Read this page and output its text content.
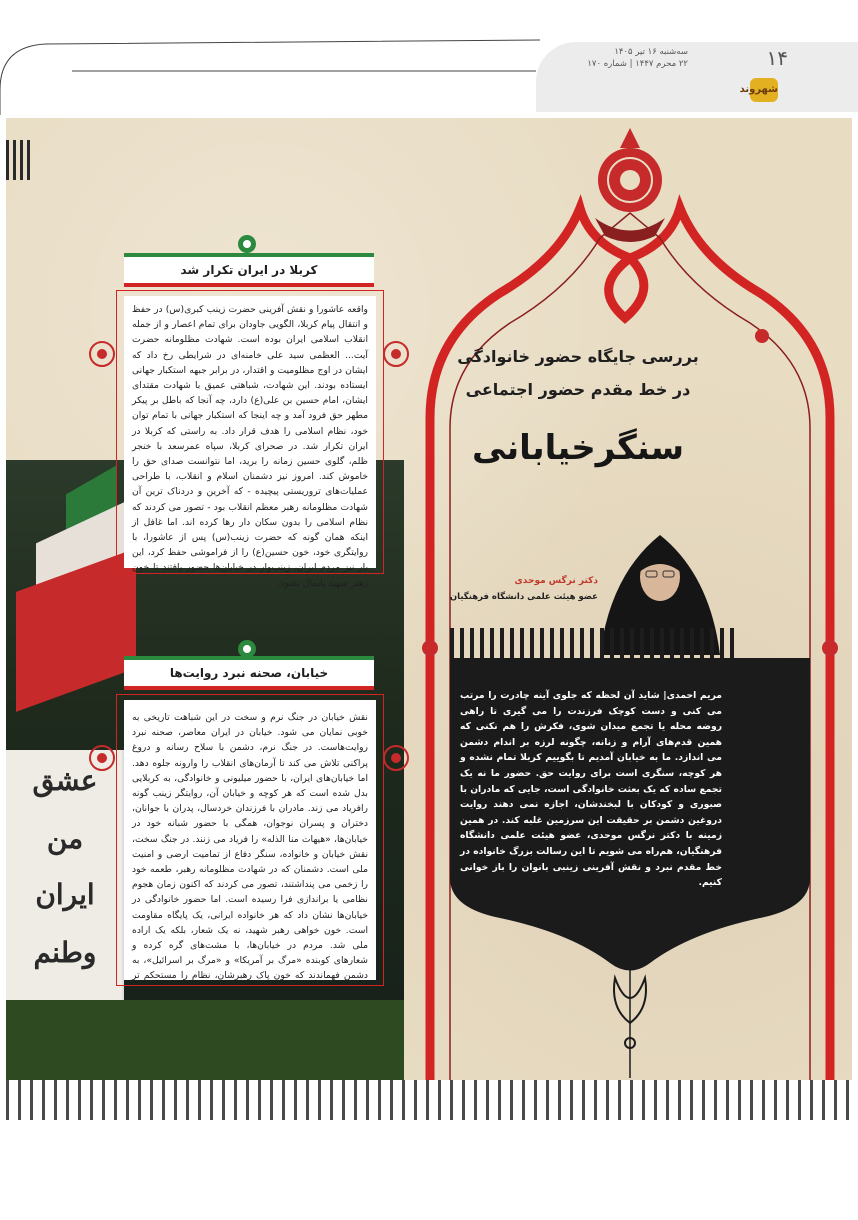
۱۴
سه‌شنبه ۱۶ تیر ۱۴۰۵
۲۲ محرم ۱۴۴۷ | شماره ۱۷۰
شهروند
عشق
من
ایران
وطنم
بررسی جایگاه حضور خانوادگی
در خط مقدم حضور اجتماعی
سنگرخیابانی
دکتر نرگس موحدی
عضو هیئت علمی دانشگاه فرهنگیان
مریم احمدی| شاید آن لحظه که جلوی آینه چادرت را مرتب می کنی و دست کوچک فرزندت را می گیری تا راهی روضه محله یا تجمع میدان شوی، فکرش را هم نکنی که همین قدم‌های آرام و زنانه، چگونه لرزه بر اندام دشمن می اندازد. ما به خیابان آمدیم تا بگوییم کربلا تمام نشده و هر کوچه، سنگری است برای روایت حق. حضور ما نه یک تجمع ساده که یک بعثت خانوادگی است، جایی که مادران با صبوری و کودکان با لبخندشان، اجازه نمی دهند روایت دروغین دشمن بر حقیقت این سرزمین غلبه کند. در همین زمینه با دکتر نرگس موحدی، عضو هیئت علمی دانشگاه فرهنگیان، هم‌راه می شویم تا این رسالت بزرگ خانواده در خط مقدم نبرد و نقش آفرینی زینبی بانوان را باز خوانی کنیم.
کربلا در ایران تکرار شد
واقعه عاشورا و نقش آفرینی حضرت زینب کبری(س) در حفظ و انتقال پیام کربلا، الگویی جاودان برای تمام اعصار و از جمله انقلاب اسلامی ایران بوده است. شهادت مظلومانه حضرت آیت... العظمی سید علی خامنه‌ای در شرایطی رخ داد که ایشان در اوج مظلومیت و اقتدار، در برابر جبهه استکبار جهانی ایستاده بودند. این شهادت، شباهتی عمیق با شهادت مقتدای ایشان، امام حسین بن علی(ع) دارد، چه آنجا که باطل بر پیکر مطهر حق فرود آمد و چه اینجا که استکبار جهانی با تمام توان خود، نظام اسلامی را هدف قرار داد. به راستی که کربلا در ایران تکرار شد. در صحرای کربلا، سپاه عمرسعد با خنجر ظلم، گلوی حسین زمانه را برید، اما نتوانست صدای حق را خاموش کند. امروز نیز دشمنان اسلام و انقلاب، با طراحی عملیات‌های تروریستی پیچیده - که آخرین و دردناک ترین آن شهادت مظلومانه رهبر معظم انقلاب بود - تصور می کردند که نظام اسلامی را بدون سکان دار رها کرده اند. اما غافل از اینکه همان گونه که حضرت زینب(س) پس از عاشورا، با روایتگری خود، خون حسین(ع) را از فراموشی حفظ کرد، این بار نیز مردم ایران، زینب‌وار در خیابان‌ها حضور یافتند تا خون رهبر شهید پایمال نشود.
خیابان، صحنه نبرد روایت‌ها
نقش خیابان در جنگ نرم و سخت در این شباهت تاریخی به خوبی نمایان می شود. خیابان در ایران معاصر، صحنه نبرد روایت‌هاست. در جنگ نرم، دشمن با سلاح رسانه و دروغ پراکنی تلاش می کند تا آرمان‌های انقلاب را وارونه جلوه دهد. اما خیابان‌های ایران، با حضور میلیونی و خانوادگی، به کربلایی بدل شده است که هر کوچه و خیابان آن، روایتگر زینب گونه رافریاد می زند. مادران با فرزندان خردسال، پدران با جوانان، دختران و پسران نوجوان، همگی با حضور شبانه خود در خیابان‌ها، «هیهات منا الذله» را فریاد می زنند. در جنگ سخت، نقش خیابان و خانواده، سنگر دفاع از تمامیت ارضی و امنیت ملی است. دشمنان که در شهادت مظلومانه رهبر، طعمه خود را زخمی می پنداشتند، تصور می کردند که اکنون زمان هجوم نظامی یا براندازی فرا رسیده است. اما حضور خانوادگی در خیابان‌ها نشان داد که هر خانواده ایرانی، یک پایگاه مقاومت است. خون خواهی رهبر شهید، نه یک شعار، بلکه یک اراده ملی شد. مردم در خیابان‌ها، با مشت‌های گره کرده و شعارهای کوبنده «مرگ بر آمریکا» و «مرگ بر اسرائیل»، به دشمن فهماندند که خون پاک رهبرشان، نظام را مستحکم تر ساخت.
